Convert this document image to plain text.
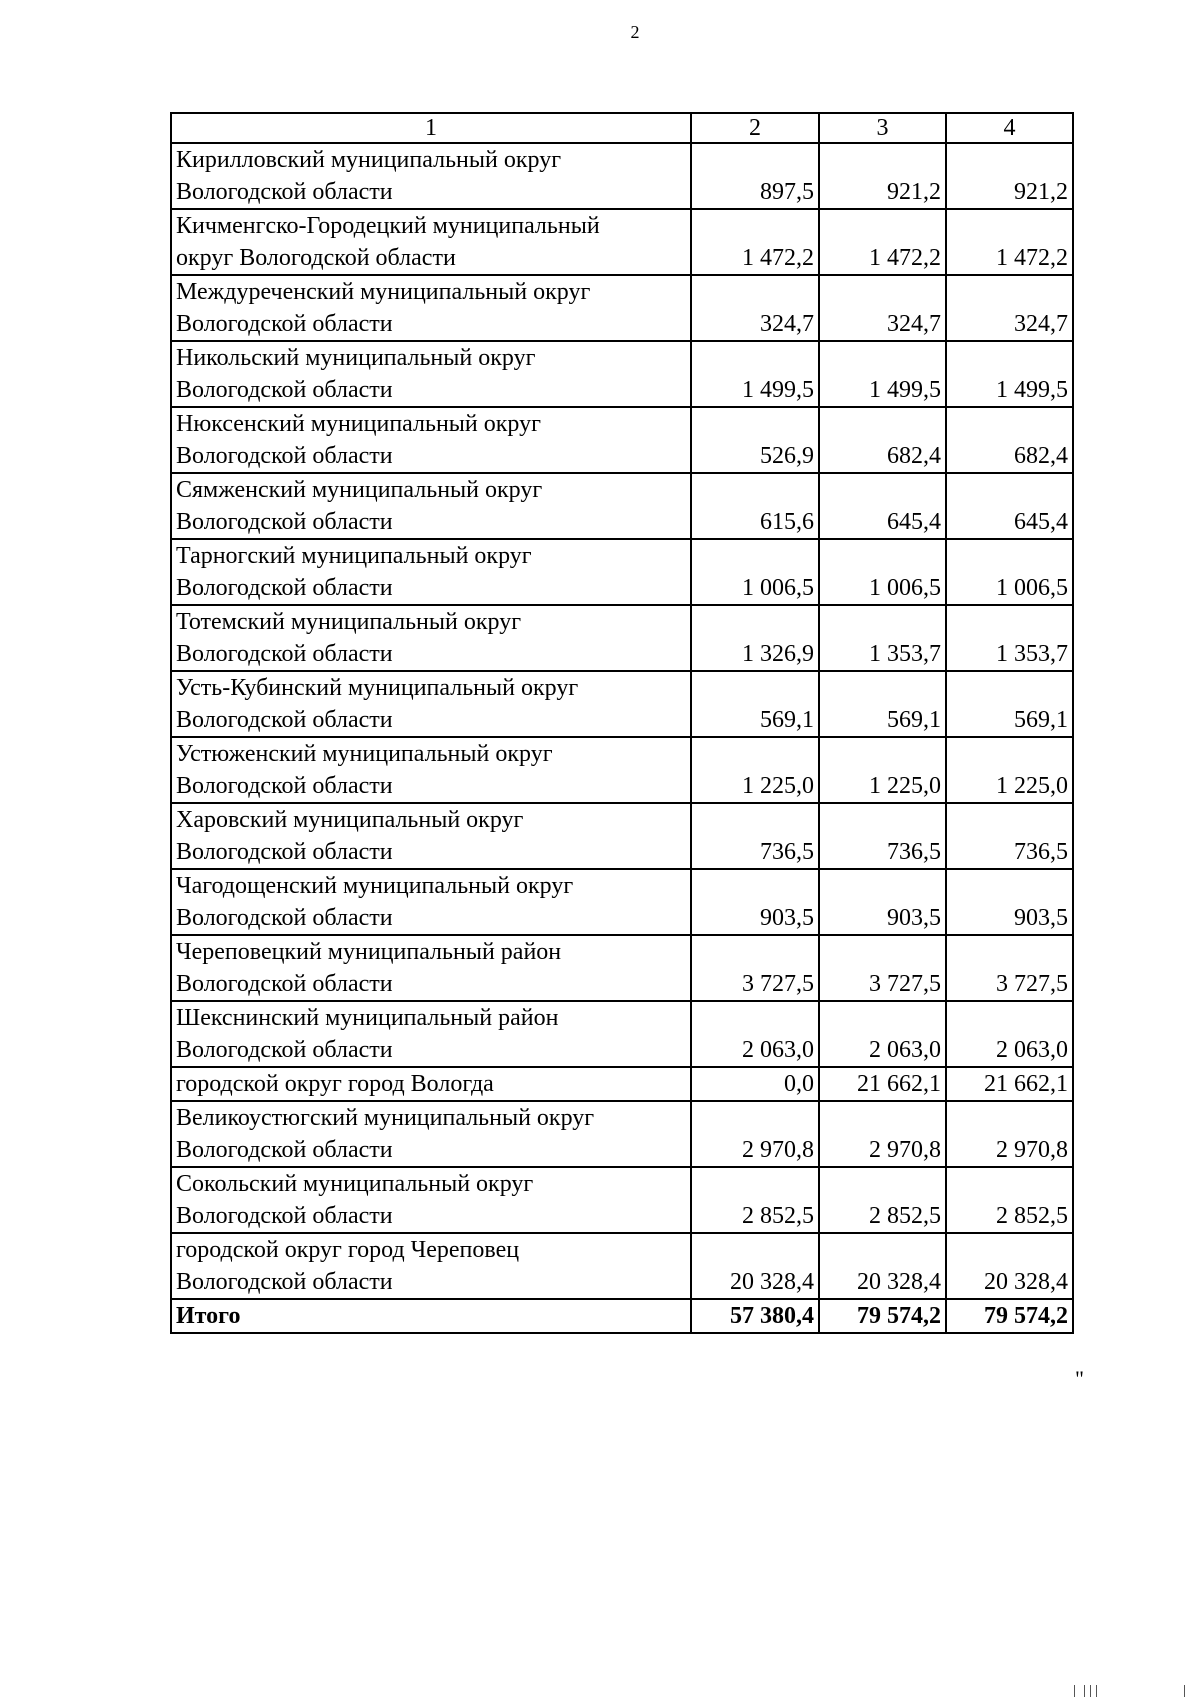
2
1	2	3	4

Кирилловский муниципальный округ
Вологодской области	897,5	921,2	921,2

Кичменгско-Городецкий муниципальный
округ Вологодской области	1 472,2	1 472,2	1 472,2

Междуреченский муниципальный округ
Вологодской области	324,7	324,7	324,7

Никольский муниципальный округ
Вологодской области	1 499,5	1 499,5	1 499,5

Нюксенский муниципальный округ
Вологодской области	526,9	682,4	682,4

Сямженский муниципальный округ
Вологодской области	615,6	645,4	645,4

Тарногский муниципальный округ
Вологодской области	1 006,5	1 006,5	1 006,5

Тотемский муниципальный округ
Вологодской области	1 326,9	1 353,7	1 353,7

Усть-Кубинский муниципальный округ
Вологодской области	569,1	569,1	569,1

Устюженский муниципальный округ
Вологодской области	1 225,0	1 225,0	1 225,0

Харовский муниципальный округ
Вологодской области	736,5	736,5	736,5

Чагодощенский муниципальный округ
Вологодской области	903,5	903,5	903,5

Череповецкий муниципальный район
Вологодской области	3 727,5	3 727,5	3 727,5

Шекснинский муниципальный район
Вологодской области	2 063,0	2 063,0	2 063,0

городской округ город Вологда	0,0	21 662,1	21 662,1

Великоустюгский муниципальный округ
Вологодской области	2 970,8	2 970,8	2 970,8

Сокольский муниципальный округ
Вологодской области	2 852,5	2 852,5	2 852,5

городской округ город Череповец
Вологодской области	20 328,4	20 328,4	20 328,4
Итого	57 380,4	79 574,2	79 574,2
"
